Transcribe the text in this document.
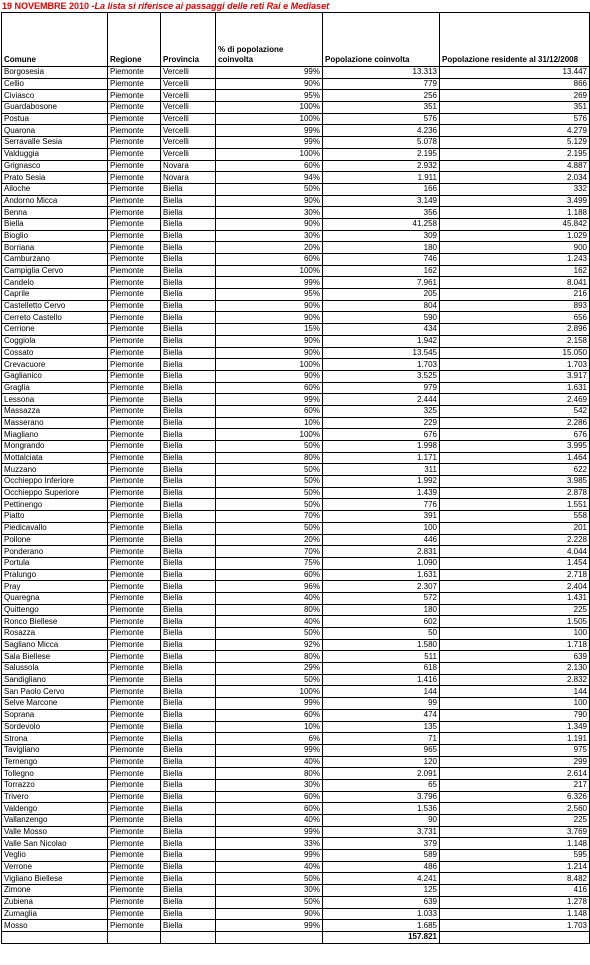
19 NOVEMBRE 2010 -La lista si riferisce ai passaggi delle reti Rai e Mediaset
Comune	Regione	Provincia	% di popolazione coinvolta	Popolazione coinvolta	Popolazione residente al 31/12/2008
Borgosesia	Piemonte	Vercelli	99%	13.313	13.447
Cellio	Piemonte	Vercelli	90%	779	866
Civiasco	Piemonte	Vercelli	95%	256	269
Guardabosone	Piemonte	Vercelli	100%	351	351
Postua	Piemonte	Vercelli	100%	576	576
Quarona	Piemonte	Vercelli	99%	4.236	4.279
Serravalle Sesia	Piemonte	Vercelli	99%	5.078	5.129
Valduggia	Piemonte	Vercelli	100%	2.195	2.195
Grignasco	Piemonte	Novara	60%	2.932	4.887
Prato Sesia	Piemonte	Novara	94%	1.911	2.034
Ailoche	Piemonte	Biella	50%	166	332
Andorno Micca	Piemonte	Biella	90%	3.149	3.499
Benna	Piemonte	Biella	30%	356	1.188
Biella	Piemonte	Biella	90%	41.258	45.842
Bioglio	Piemonte	Biella	30%	309	1.029
Borriana	Piemonte	Biella	20%	180	900
Camburzano	Piemonte	Biella	60%	746	1.243
Campiglia Cervo	Piemonte	Biella	100%	162	162
Candelo	Piemonte	Biella	99%	7.961	8.041
Caprile	Piemonte	Biella	95%	205	216
Castelletto Cervo	Piemonte	Biella	90%	804	893
Cerreto Castello	Piemonte	Biella	90%	590	656
Cerrione	Piemonte	Biella	15%	434	2.896
Coggiola	Piemonte	Biella	90%	1.942	2.158
Cossato	Piemonte	Biella	90%	13.545	15.050
Crevacuore	Piemonte	Biella	100%	1.703	1.703
Gaglianico	Piemonte	Biella	90%	3.525	3.917
Graglia	Piemonte	Biella	60%	979	1.631
Lessona	Piemonte	Biella	99%	2.444	2.469
Massazza	Piemonte	Biella	60%	325	542
Masserano	Piemonte	Biella	10%	229	2.286
Miagliano	Piemonte	Biella	100%	676	676
Mongrando	Piemonte	Biella	50%	1.998	3.995
Mottalciata	Piemonte	Biella	80%	1.171	1.464
Muzzano	Piemonte	Biella	50%	311	622
Occhieppo Inferiore	Piemonte	Biella	50%	1.992	3.985
Occhieppo Superiore	Piemonte	Biella	50%	1.439	2.878
Pettinengo	Piemonte	Biella	50%	776	1.551
Piatto	Piemonte	Biella	70%	391	558
Piedicavallo	Piemonte	Biella	50%	100	201
Pollone	Piemonte	Biella	20%	446	2.228
Ponderano	Piemonte	Biella	70%	2.831	4.044
Portula	Piemonte	Biella	75%	1.090	1.454
Pralungo	Piemonte	Biella	60%	1.631	2.718
Pray	Piemonte	Biella	96%	2.307	2.404
Quaregna	Piemonte	Biella	40%	572	1.431
Quittengo	Piemonte	Biella	80%	180	225
Ronco Biellese	Piemonte	Biella	40%	602	1.505
Rosazza	Piemonte	Biella	50%	50	100
Sagliano Micca	Piemonte	Biella	92%	1.580	1.718
Sala Biellese	Piemonte	Biella	80%	511	639
Salussola	Piemonte	Biella	29%	618	2.130
Sandigliano	Piemonte	Biella	50%	1.416	2.832
San Paolo Cervo	Piemonte	Biella	100%	144	144
Selve Marcone	Piemonte	Biella	99%	99	100
Soprana	Piemonte	Biella	60%	474	790
Sordevolo	Piemonte	Biella	10%	135	1.349
Strona	Piemonte	Biella	6%	71	1.191
Tavigliano	Piemonte	Biella	99%	965	975
Ternengo	Piemonte	Biella	40%	120	299
Tollegno	Piemonte	Biella	80%	2.091	2.614
Torrazzo	Piemonte	Biella	30%	65	217
Trivero	Piemonte	Biella	60%	3.796	6.326
Valdengo	Piemonte	Biella	60%	1.536	2.560
Vallanzengo	Piemonte	Biella	40%	90	225
Valle Mosso	Piemonte	Biella	99%	3.731	3.769
Valle San Nicolao	Piemonte	Biella	33%	379	1.148
Veglio	Piemonte	Biella	99%	589	595
Verrone	Piemonte	Biella	40%	486	1.214
Vigliano Biellese	Piemonte	Biella	50%	4.241	8.482
Zimone	Piemonte	Biella	30%	125	416
Zubiena	Piemonte	Biella	50%	639	1.278
Zumaglia	Piemonte	Biella	90%	1.033	1.148
Mosso	Piemonte	Biella	99%	1.685	1.703
				157.821	
